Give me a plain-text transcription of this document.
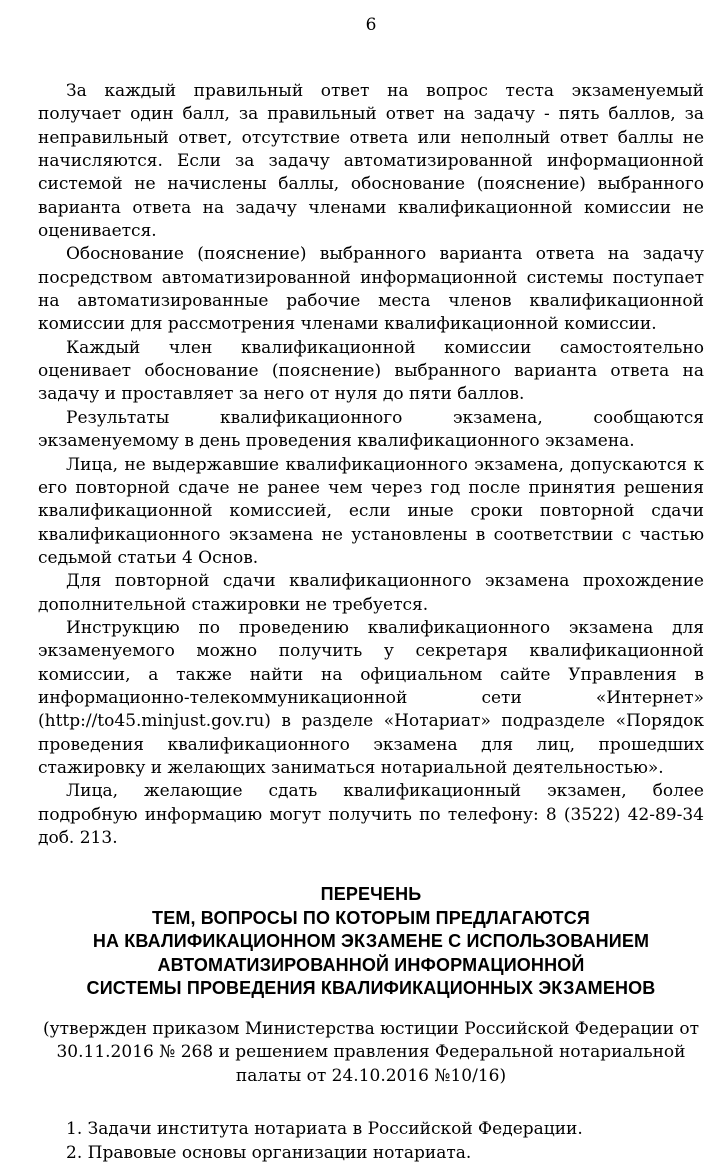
6

За каждый правильный ответ на вопрос теста экзаменуемый получает один балл, за правильный ответ на задачу - пять баллов, за неправильный ответ, отсутствие ответа или неполный ответ баллы не начисляются. Если за задачу автоматизированной информационной системой не начислены баллы, обоснование (пояснение) выбранного варианта ответа на задачу членами квалификационной комиссии не оценивается.

Обоснование (пояснение) выбранного варианта ответа на задачу посредством автоматизированной информационной системы поступает на автоматизированные рабочие места членов квалификационной комиссии для рассмотрения членами квалификационной комиссии.

Каждый член квалификационной комиссии самостоятельно оценивает обоснование (пояснение) выбранного варианта ответа на задачу и проставляет за него от нуля до пяти баллов.

Результаты квалификационного экзамена, сообщаются экзаменуемому в день проведения квалификационного экзамена.

Лица, не выдержавшие квалификационного экзамена, допускаются к его повторной сдаче не ранее чем через год после принятия решения квалификационной комиссией, если иные сроки повторной сдачи квалификационного экзамена не установлены в соответствии с частью седьмой статьи 4 Основ.

Для повторной сдачи квалификационного экзамена прохождение дополнительной стажировки не требуется.

Инструкцию по проведению квалификационного экзамена для экзаменуемого можно получить у секретаря квалификационной комиссии, а также найти на официальном сайте Управления в информационно-телекоммуникационной сети «Интернет» (http://to45.minjust.gov.ru) в разделе «Нотариат» подразделе «Порядок проведения квалификационного экзамена для лиц, прошедших стажировку и желающих заниматься нотариальной деятельностью».

Лица, желающие сдать квалификационный экзамен, более подробную информацию могут получить по телефону: 8 (3522) 42-89-34 доб. 213.

ПЕРЕЧЕНЬ
ТЕМ, ВОПРОСЫ ПО КОТОРЫМ ПРЕДЛАГАЮТСЯ
НА КВАЛИФИКАЦИОННОМ ЭКЗАМЕНЕ С ИСПОЛЬЗОВАНИЕМ
АВТОМАТИЗИРОВАННОЙ ИНФОРМАЦИОННОЙ
СИСТЕМЫ ПРОВЕДЕНИЯ КВАЛИФИКАЦИОННЫХ ЭКЗАМЕНОВ

(утвержден приказом Министерства юстиции Российской Федерации от 30.11.2016 № 268 и решением правления Федеральной нотариальной палаты от 24.10.2016 №10/16)

1. Задачи института нотариата в Российской Федерации.
2. Правовые основы организации нотариата.
